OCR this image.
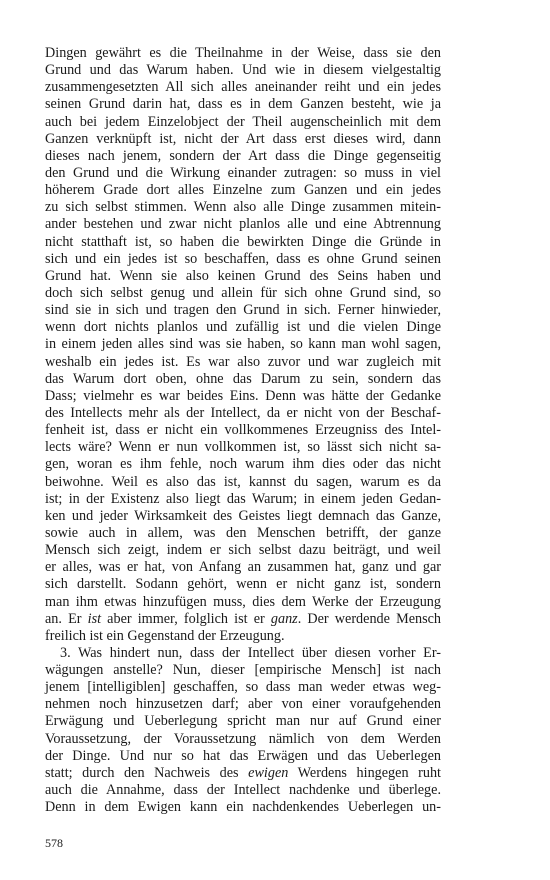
Dingen gewährt es die Theilnahme in der Weise, dass sie den
Grund und das Warum haben. Und wie in diesem vielgestaltig
zusammengesetzten All sich alles aneinander reiht und ein jedes
seinen Grund darin hat, dass es in dem Ganzen besteht, wie ja
auch bei jedem Einzelobject der Theil augenscheinlich mit dem
Ganzen verknüpft ist, nicht der Art dass erst dieses wird, dann
dieses nach jenem, sondern der Art dass die Dinge gegenseitig
den Grund und die Wirkung einander zutragen: so muss in viel
höherem Grade dort alles Einzelne zum Ganzen und ein jedes
zu sich selbst stimmen. Wenn also alle Dinge zusammen mitein-
ander bestehen und zwar nicht planlos alle und eine Abtrennung
nicht statthaft ist, so haben die bewirkten Dinge die Gründe in
sich und ein jedes ist so beschaffen, dass es ohne Grund seinen
Grund hat. Wenn sie also keinen Grund des Seins haben und
doch sich selbst genug und allein für sich ohne Grund sind, so
sind sie in sich und tragen den Grund in sich. Ferner hinwieder,
wenn dort nichts planlos und zufällig ist und die vielen Dinge
in einem jeden alles sind was sie haben, so kann man wohl sagen,
weshalb ein jedes ist. Es war also zuvor und war zugleich mit
das Warum dort oben, ohne das Darum zu sein, sondern das
Dass; vielmehr es war beides Eins. Denn was hätte der Gedanke
des Intellects mehr als der Intellect, da er nicht von der Beschaf-
fenheit ist, dass er nicht ein vollkommenes Erzeugniss des Intel-
lects wäre? Wenn er nun vollkommen ist, so lässt sich nicht sa-
gen, woran es ihm fehle, noch warum ihm dies oder das nicht
beiwohne. Weil es also das ist, kannst du sagen, warum es da
ist; in der Existenz also liegt das Warum; in einem jeden Gedan-
ken und jeder Wirksamkeit des Geistes liegt demnach das Ganze,
sowie auch in allem, was den Menschen betrifft, der ganze
Mensch sich zeigt, indem er sich selbst dazu beiträgt, und weil
er alles, was er hat, von Anfang an zusammen hat, ganz und gar
sich darstellt. Sodann gehört, wenn er nicht ganz ist, sondern
man ihm etwas hinzufügen muss, dies dem Werke der Erzeugung
an. Er ist aber immer, folglich ist er ganz. Der werdende Mensch
freilich ist ein Gegenstand der Erzeugung.
3. Was hindert nun, dass der Intellect über diesen vorher Er-
wägungen anstelle? Nun, dieser [empirische Mensch] ist nach
jenem [intelligiblen] geschaffen, so dass man weder etwas weg-
nehmen noch hinzusetzen darf; aber von einer voraufgehenden
Erwägung und Ueberlegung spricht man nur auf Grund einer
Voraussetzung, der Voraussetzung nämlich von dem Werden
der Dinge. Und nur so hat das Erwägen und das Ueberlegen
statt; durch den Nachweis des ewigen Werdens hingegen ruht
auch die Annahme, dass der Intellect nachdenke und überlege.
Denn in dem Ewigen kann ein nachdenkendes Ueberlegen un-
578
